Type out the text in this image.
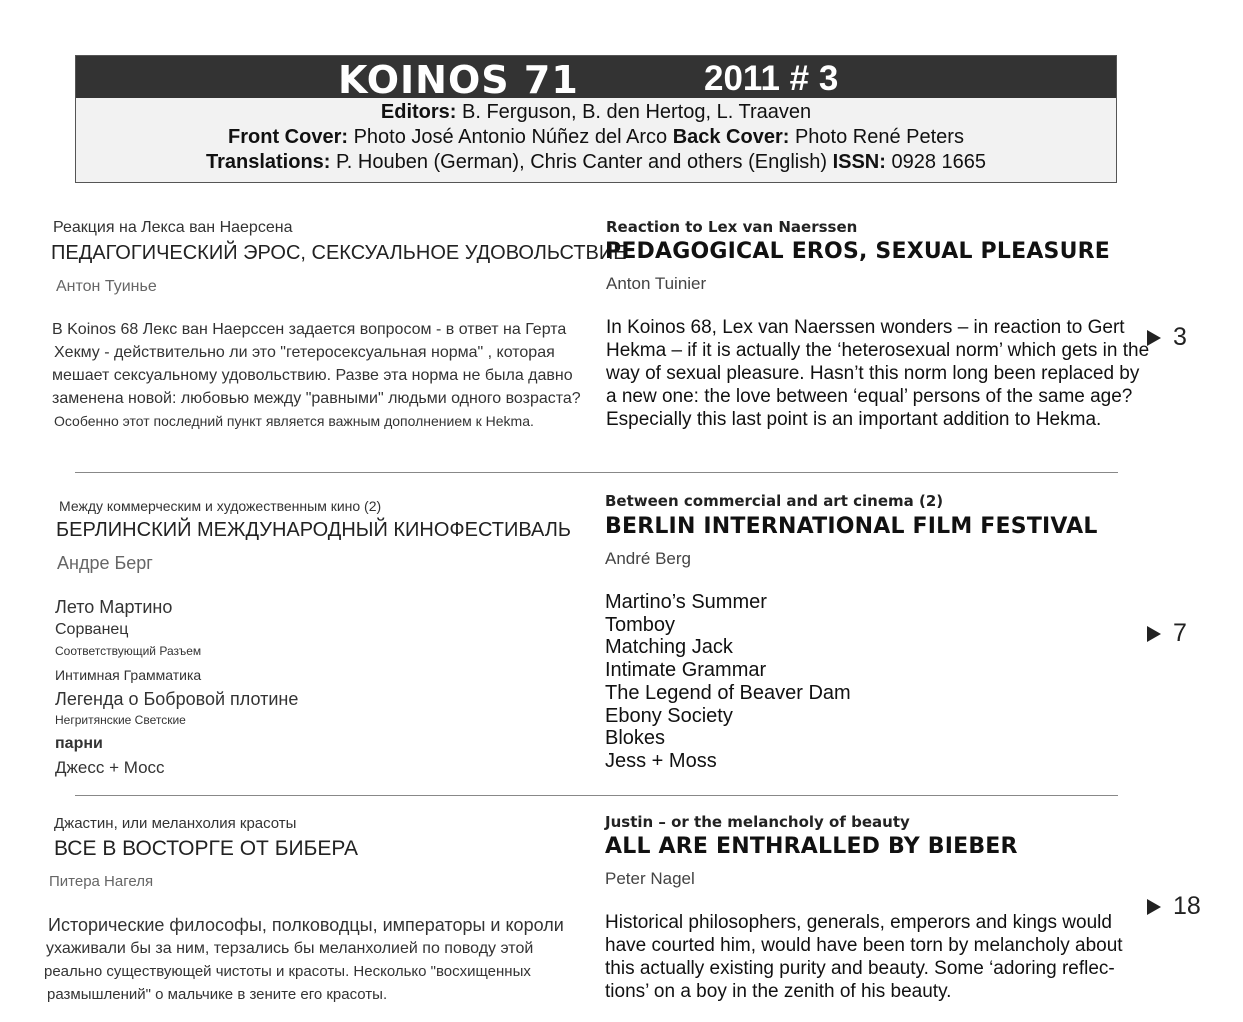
KOINOS 71	2011 # 3
Editors: B. Ferguson, B. den Hertog, L. Traaven
Front Cover: Photo José Antonio Núñez del Arco Back Cover: Photo René Peters
Translations: P. Houben (German), Chris Canter and others (English) ISSN: 0928 1665
Реакция на Лекса ван Наерсена
ПЕДАГОГИЧЕСКИЙ ЭРОС, СЕКСУАЛЬНОЕ УДОВОЛЬСТВИЕ
Антон Туинье
В Koinos 68 Лекс ван Наерссен задается вопросом - в ответ на Герта
Хекму - действительно ли это "гетеросексуальная норма" , которая
мешает сексуальному удовольствию. Разве эта норма не была давно
заменена новой: любовью между "равными" людьми одного возраста?
Особенно этот последний пункт является важным дополнением к Hekma.
Reaction to Lex van Naerssen
PEDAGOGICAL EROS, SEXUAL PLEASURE
Anton Tuinier
In Koinos 68, Lex van Naerssen wonders – in reaction to Gert
Hekma – if it is actually the ‘heterosexual norm’ which gets in the
way of sexual pleasure. Hasn’t this norm long been replaced by
a new one: the love between ‘equal’ persons of the same age?
Especially this last point is an important addition to Hekma.
3
Между коммерческим и художественным кино (2)
БЕРЛИНСКИЙ МЕЖДУНАРОДНЫЙ КИНОФЕСТИВАЛЬ
Андре Берг
Лето Мартино
Сорванец
Соответствующий Разъем
Интимная Грамматика
Легенда о Бобровой плотине
Негритянские Светские
парни
Джесс + Мосс
Between commercial and art cinema (2)
BERLIN INTERNATIONAL FILM FESTIVAL
André Berg
Martino’s Summer
Tomboy
Matching Jack
Intimate Grammar
The Legend of Beaver Dam
Ebony Society
Blokes
Jess + Moss
7
Джастин, или меланхолия красоты
ВСЕ В ВОСТОРГЕ ОТ БИБЕРА
Питера Нагеля
Исторические философы, полководцы, императоры и короли
ухаживали бы за ним, терзались бы меланхолией по поводу этой
реально существующей чистоты и красоты. Несколько "восхищенных
размышлений" о мальчике в зените его красоты.
Justin – or the melancholy of beauty
ALL ARE ENTHRALLED BY BIEBER
Peter Nagel
Historical philosophers, generals, emperors and kings would
have courted him, would have been torn by melancholy about
this actually existing purity and beauty. Some ‘adoring reflec-
tions’ on a boy in the zenith of his beauty.
18
